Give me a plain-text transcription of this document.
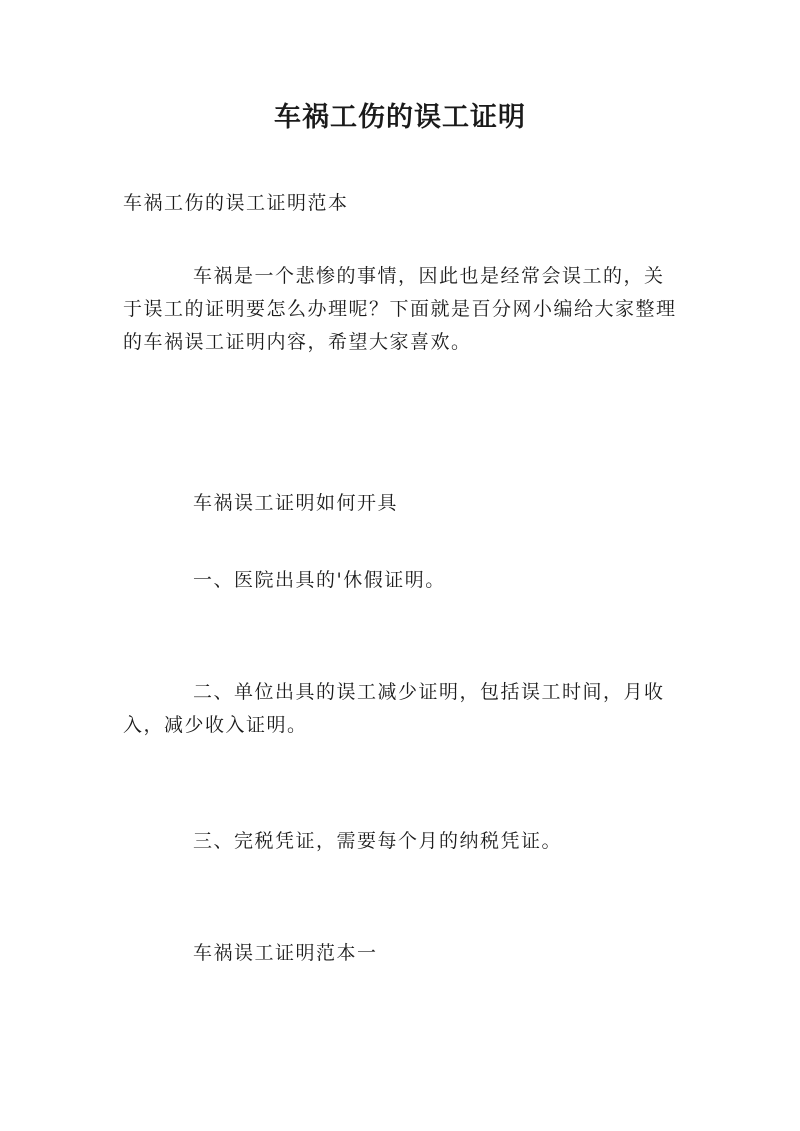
车祸工伤的误工证明

车祸工伤的误工证明范本

车祸是一个悲惨的事情，因此也是经常会误工的，关于误工的证明要怎么办理呢？下面就是百分网小编给大家整理的车祸误工证明内容，希望大家喜欢。

车祸误工证明如何开具

一、医院出具的'休假证明。

二、单位出具的误工减少证明，包括误工时间，月收入，减少收入证明。

三、完税凭证，需要每个月的纳税凭证。

车祸误工证明范本一
